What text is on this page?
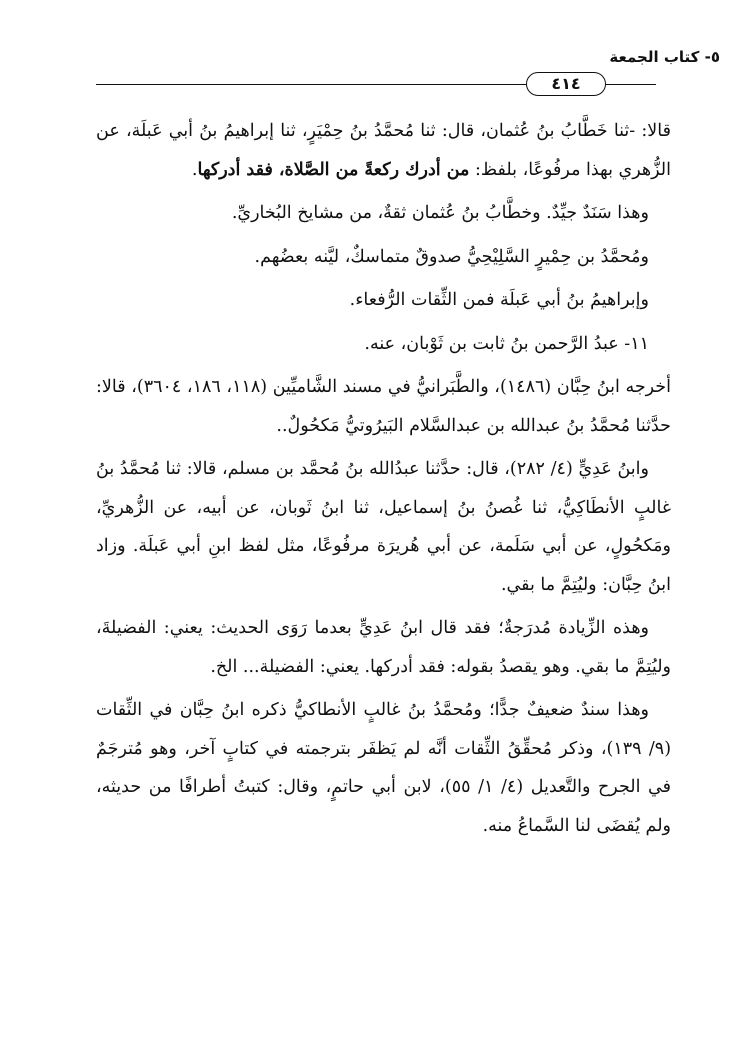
٥- كتاب الجمعة
٤١٤

قالا: -ثنا خَطَّابُ بنُ عُثمان، قال: ثنا مُحمَّدُ بنُ حِمْيَرٍ، ثنا إبراهيمُ بنُ أبي عَبلَة، عن الزُّهري بهذا مرفُوعًا، بلفظ: من أدرك ركعةً من الصَّلاة، فقد أدركها.

وهذا سَنَدٌ جيِّدٌ. وخطَّابُ بنُ عُثمان ثقةٌ، من مشايخ البُخاريِّ.

ومُحمَّدُ بن حِمْيرٍ السَّلِيْحِيُّ صدوقٌ متماسكٌ، ليَّنه بعضُهم.

وإبراهيمُ بنُ أبي عَبلَة فمن الثِّقات الرُّفعاء.

١١- عبدُ الرَّحمن بنُ ثابت بن ثَوْبان، عنه.

أخرجه ابنُ حِبَّان (١٤٨٦)، والطَّبَرانيُّ في مسند الشَّاميِّين (١١٨، ١٨٦، ٣٦٠٤)، قالا: حدَّثنا مُحمَّدُ بنُ عبدالله بن عبدالسَّلام البَيرُوتيُّ مَكحُولٌ..

وابنُ عَدِيٍّ (٤/ ٢٨٢)، قال: حدَّثنا عبدُالله بنُ مُحمَّد بن مسلم، قالا: ثنا مُحمَّدُ بنُ غالبٍ الأنطَاكِيُّ، ثنا غُصنُ بنُ إسماعيل، ثنا ابنُ ثَوبان، عن أبيه، عن الزُّهريِّ، ومَكحُولٍ، عن أبي سَلَمة، عن أبي هُريرَة مرفُوعًا، مثل لفظ ابنِ أبي عَبلَة. وزاد ابنُ حِبَّان: وليُتِمَّ ما بقي.

وهذه الزِّيادة مُدرَجةٌ؛ فقد قال ابنُ عَدِيٍّ بعدما رَوَى الحديث: يعني: الفضيلةَ، وليُتِمَّ ما بقي. وهو يقصدُ بقوله: فقد أدركها. يعني: الفضيلة... الخ.

وهذا سندٌ ضعيفٌ جدًّا؛ ومُحمَّدُ بنُ غالبٍ الأنطاكيُّ ذكره ابنُ حِبَّان في الثِّقات (٩/ ١٣٩)، وذكر مُحقِّقُ الثِّقات أنَّه لم يَظفَر بترجمته في كتابٍ آخر، وهو مُترجَمٌ في الجرح والتَّعديل (٤/ ١/ ٥٥)، لابن أبي حاتمٍ، وقال: كتبتُ أطرافًا من حديثه، ولم يُقضَى لنا السَّماعُ منه.
